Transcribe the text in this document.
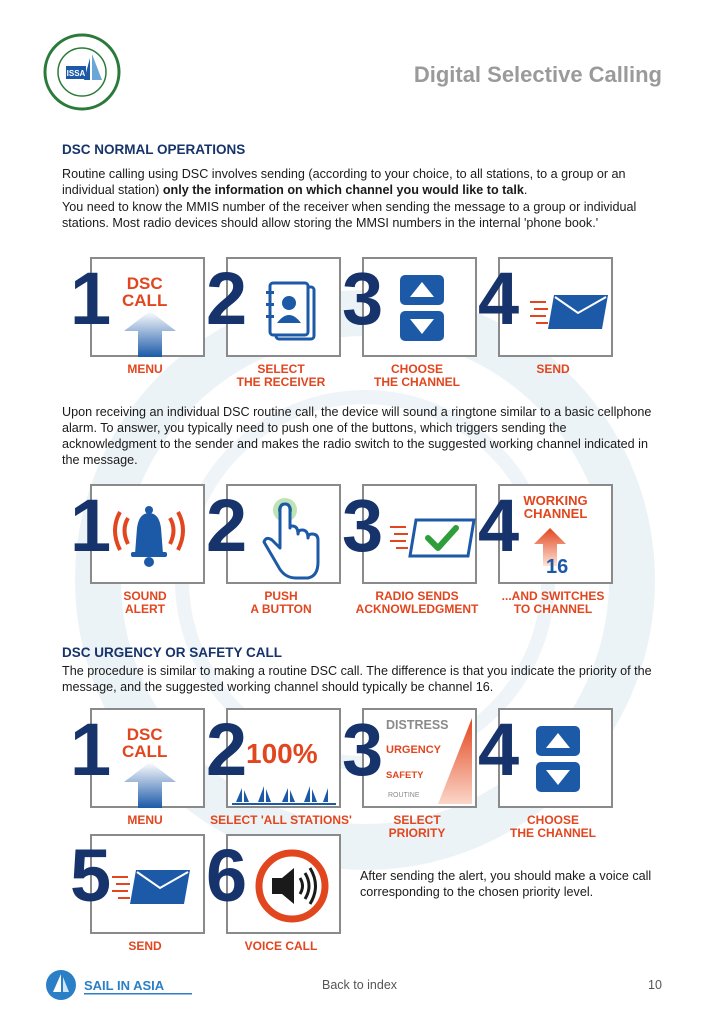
ISSA	Digital Selective Calling
DSC NORMAL OPERATIONS
Routine calling using DSC involves sending (according to your choice, to all stations, to a group or an individual station) only the information on which channel you would like to talk.
You need to know the MMIS number of the receiver when sending the message to a group or individual stations. Most radio devices should allow storing the MMSI numbers in the internal 'phone book.'
DSC
CALL
1
MENU
2
SELECT
THE RECEIVER
3
CHOOSE
THE CHANNEL
4
SEND
Upon receiving an individual DSC routine call, the device will sound a ringtone similar to a basic cellphone alarm. To answer, you typically need to push one of the buttons, which triggers sending the acknowledgment to the sender and makes the radio switch to the suggested working channel indicated in the message.
1
SOUND
ALERT
2
PUSH
A BUTTON
3
RADIO SENDS
ACKNOWLEDGMENT
WORKING
CHANNEL
16
4
...AND SWITCHES
TO CHANNEL
DSC URGENCY OR SAFETY CALL
The procedure is similar to making a routine DSC call. The difference is that you indicate the priority of the message, and the suggested working channel should typically be channel 16.
DSC
CALL
1
MENU
100%
2
SELECT 'ALL STATIONS'
DISTRESS
URGENCY
SAFETY
ROUTINE
3
SELECT
PRIORITY
4
CHOOSE
THE CHANNEL
5
SEND
6
VOICE CALL
After sending the alert, you should make a voice call corresponding to the chosen priority level.
SAIL IN ASIA	Back to index	10
